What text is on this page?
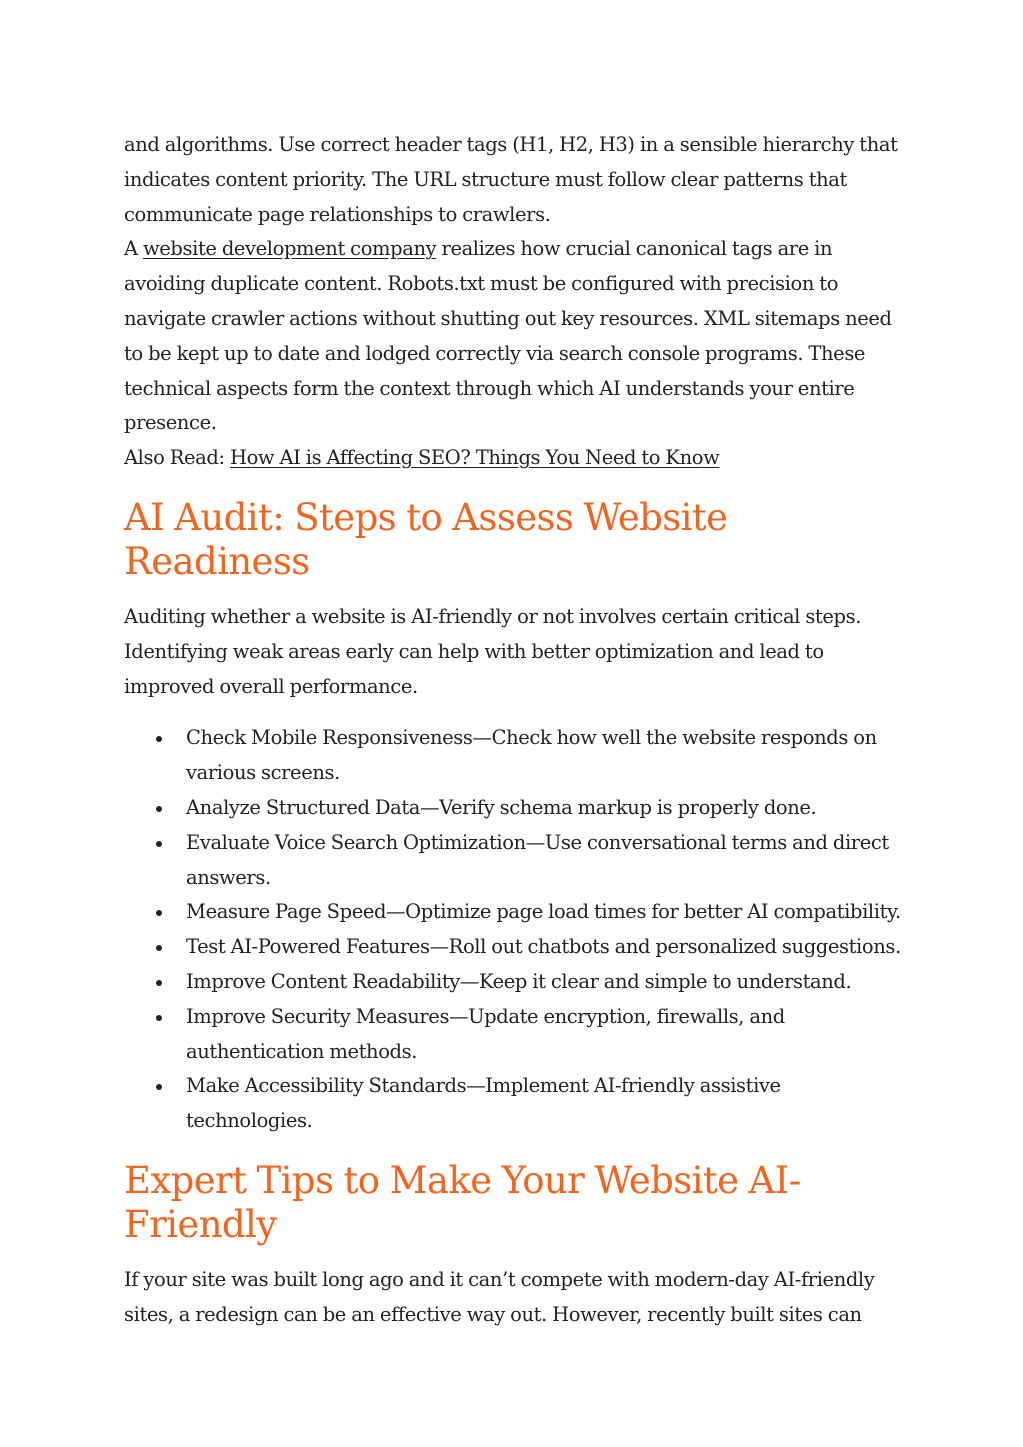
and algorithms. Use correct header tags (H1, H2, H3) in a sensible hierarchy that indicates content priority. The URL structure must follow clear patterns that communicate page relationships to crawlers.

A website development company realizes how crucial canonical tags are in avoiding duplicate content. Robots.txt must be configured with precision to navigate crawler actions without shutting out key resources. XML sitemaps need to be kept up to date and lodged correctly via search console programs. These technical aspects form the context through which AI understands your entire presence.

Also Read: How AI is Affecting SEO? Things You Need to Know

AI Audit: Steps to Assess Website Readiness

Auditing whether a website is AI-friendly or not involves certain critical steps. Identifying weak areas early can help with better optimization and lead to improved overall performance.

Check Mobile Responsiveness—Check how well the website responds on various screens.
Analyze Structured Data—Verify schema markup is properly done.
Evaluate Voice Search Optimization—Use conversational terms and direct answers.
Measure Page Speed—Optimize page load times for better AI compatibility.
Test AI-Powered Features—Roll out chatbots and personalized suggestions.
Improve Content Readability—Keep it clear and simple to understand.
Improve Security Measures—Update encryption, firewalls, and authentication methods.
Make Accessibility Standards—Implement AI-friendly assistive technologies.
Expert Tips to Make Your Website AI-Friendly

If your site was built long ago and it can’t compete with modern-day AI-friendly sites, a redesign can be an effective way out. However, recently built sites can
